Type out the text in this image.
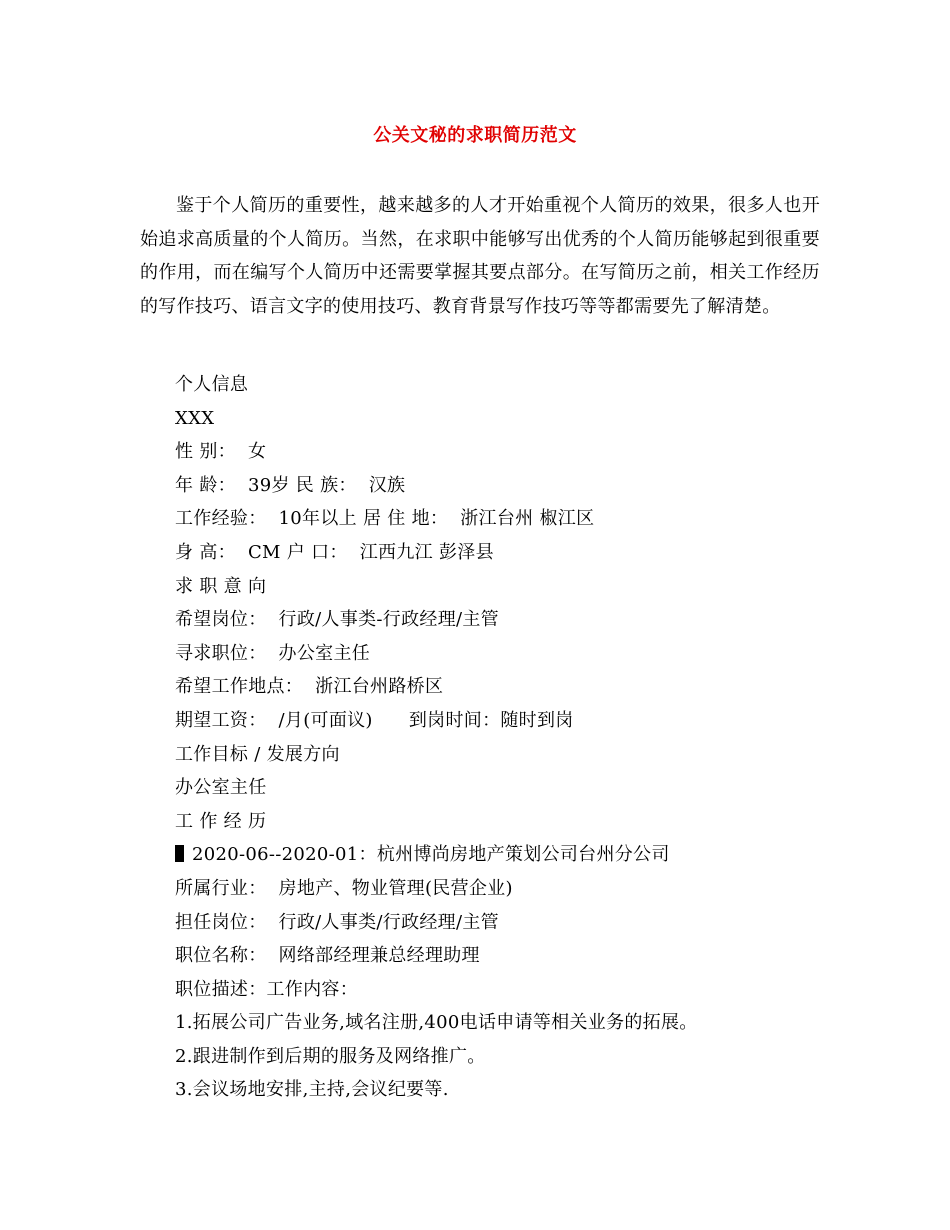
公关文秘的求职简历范文
鉴于个人简历的重要性，越来越多的人才开始重视个人简历的效果，很多人也开始追求高质量的个人简历。当然，在求职中能够写出优秀的个人简历能够起到很重要的作用，而在编写个人简历中还需要掌握其要点部分。在写简历之前，相关工作经历的写作技巧、语言文字的使用技巧、教育背景写作技巧等等都需要先了解清楚。
个人信息
XXX
性 别：  女
年 龄：  39岁 民 族：  汉族
工作经验：  10年以上 居 住 地：  浙江台州 椒江区
身 高：  CM 户 口：  江西九江 彭泽县
求 职 意 向
希望岗位：  行政/人事类-行政经理/主管
寻求职位：  办公室主任
希望工作地点：  浙江台州路桥区
期望工资：  /月(可面议)      到岗时间：随时到岗
工作目标 / 发展方向
办公室主任
工 作 经 历
2020-06--2020-01：杭州博尚房地产策划公司台州分公司
所属行业：  房地产、物业管理(民营企业)
担任岗位：  行政/人事类/行政经理/主管
职位名称：  网络部经理兼总经理助理
职位描述：工作内容：
1.拓展公司广告业务,域名注册,400电话申请等相关业务的拓展。
2.跟进制作到后期的服务及网络推广。
3.会议场地安排,主持,会议纪要等.
